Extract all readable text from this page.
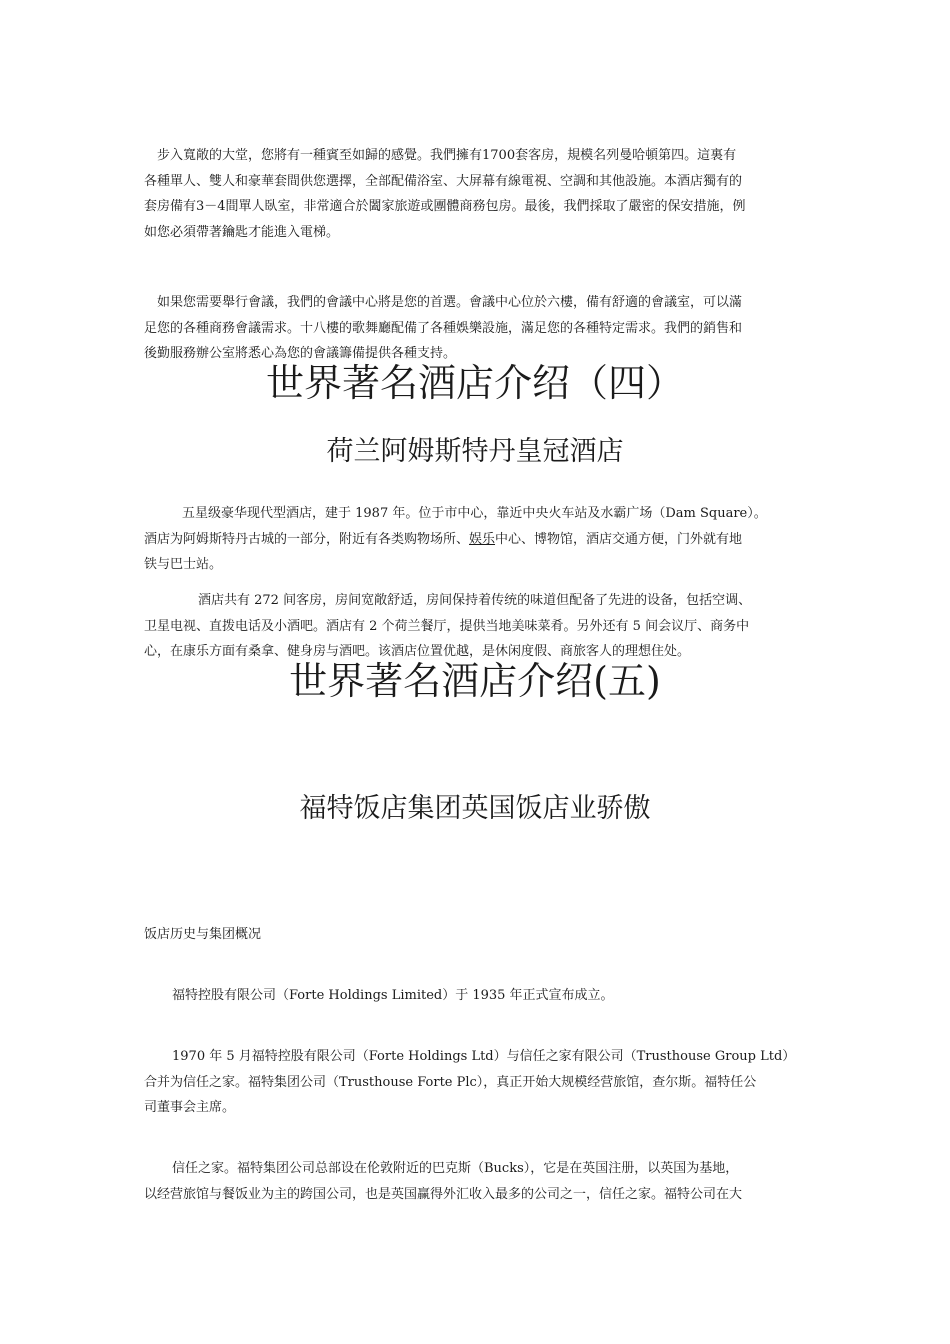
　步入寬敞的大堂，您將有一種賓至如歸的感覺。我們擁有1700套客房，規模名列曼哈頓第四。這裏有
各種單人、雙人和豪華套間供您選擇，全部配備浴室、大屏幕有線電視、空調和其他設施。本酒店獨有的
套房備有3－4間單人臥室，非常適合於闔家旅遊或團體商務包房。最後，我們採取了嚴密的保安措施，例
如您必須帶著鑰匙才能進入電梯。
　如果您需要舉行會議，我們的會議中心將是您的首選。會議中心位於六樓，備有舒適的會議室，可以滿
足您的各種商務會議需求。十八樓的歌舞廳配備了各種娛樂設施，滿足您的各種特定需求。我們的銷售和
後勤服務辦公室將悉心為您的會議籌備提供各種支持。
世界著名酒店介绍（四）
荷兰阿姆斯特丹皇冠酒店
五星级豪华现代型酒店，建于 1987 年。位于市中心，靠近中央火车站及水霸广场（Dam Square）。
酒店为阿姆斯特丹古城的一部分，附近有各类购物场所、娱乐中心、博物馆，酒店交通方便，门外就有地
铁与巴士站。
酒店共有 272 间客房，房间宽敞舒适，房间保持着传统的味道但配备了先进的设备，包括空调、
卫星电视、直拨电话及小酒吧。酒店有 2 个荷兰餐厅，提供当地美味菜肴。另外还有 5 间会议厅、商务中
心，在康乐方面有桑拿、健身房与酒吧。该酒店位置优越，是休闲度假、商旅客人的理想住处。
世界著名酒店介绍(五)
福特饭店集团英国饭店业骄傲
饭店历史与集团概况
福特控股有限公司（Forte Holdings Limited）于 1935 年正式宣布成立。
1970 年 5 月福特控股有限公司（Forte Holdings Ltd）与信任之家有限公司（Trusthouse Group Ltd）
合并为信任之家。福特集团公司（Trusthouse Forte Plc），真正开始大规模经营旅馆，查尔斯。福特任公
司董事会主席。
信任之家。福特集团公司总部设在伦敦附近的巴克斯（Bucks），它是在英国注册，以英国为基地，
以经营旅馆与餐饭业为主的跨国公司，也是英国赢得外汇收入最多的公司之一，信任之家。福特公司在大
